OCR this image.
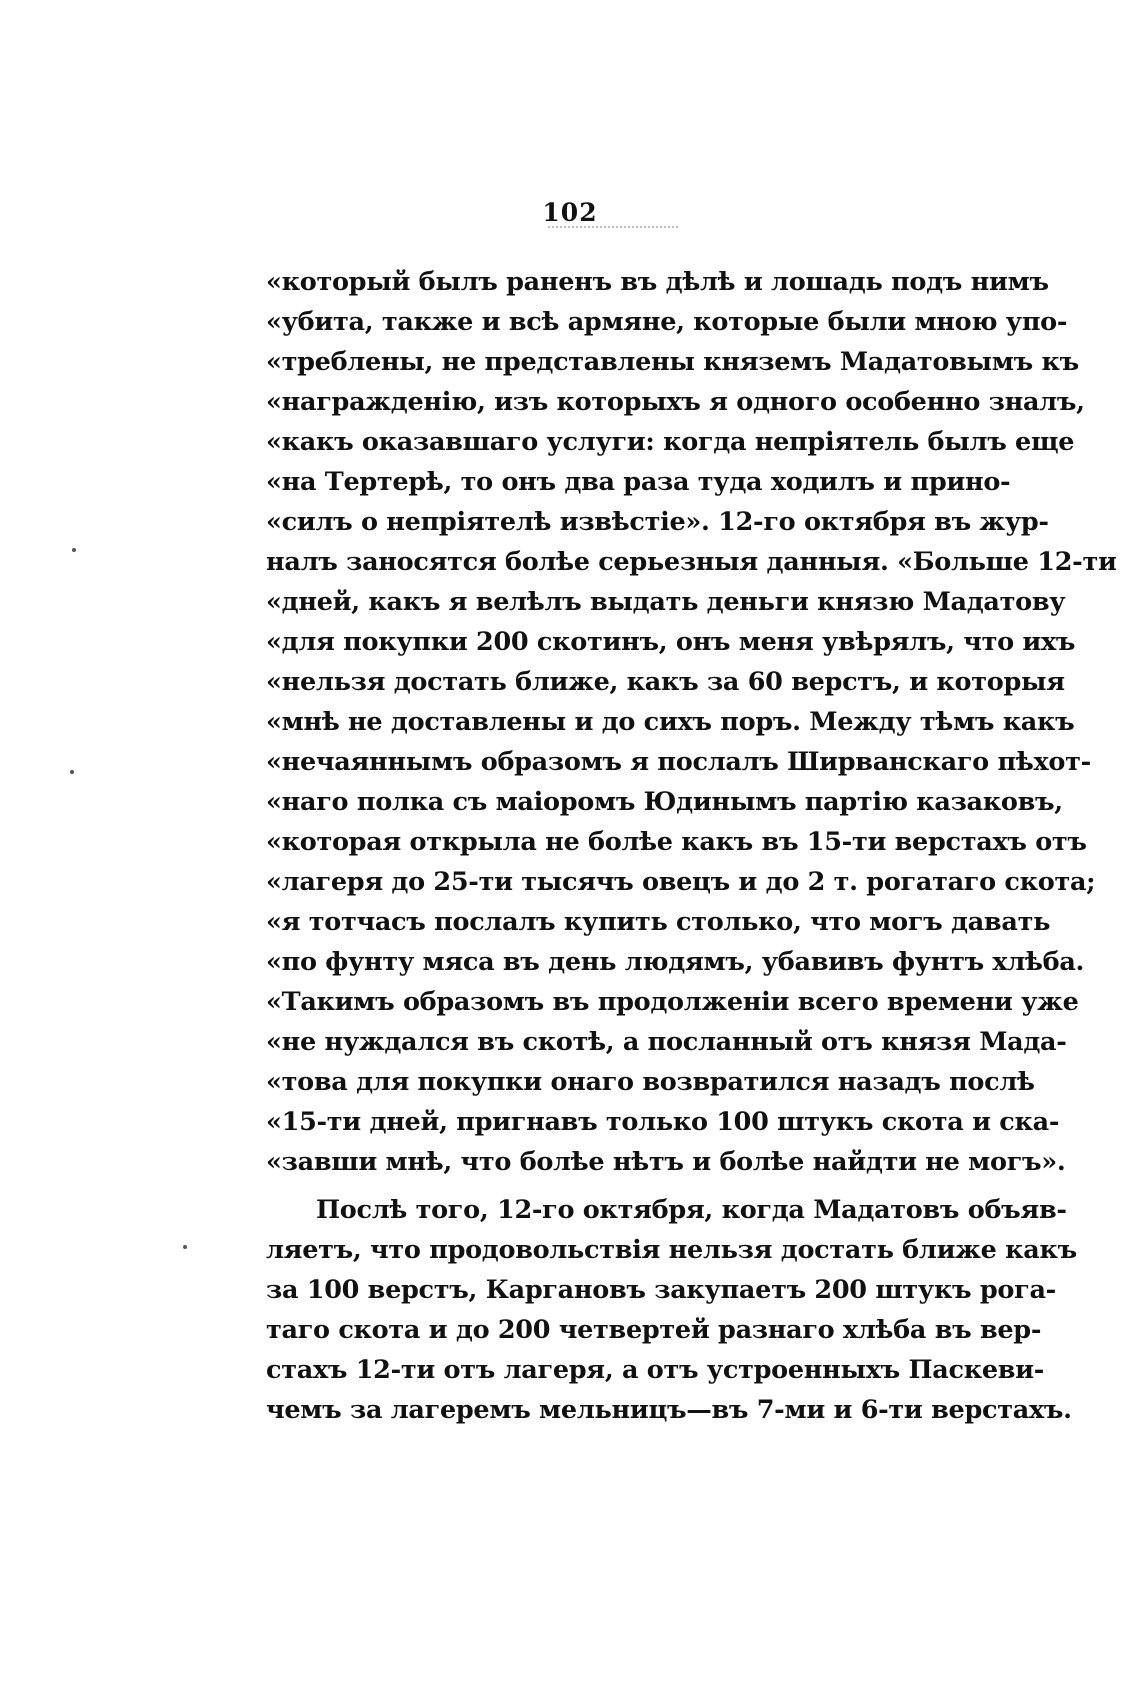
102
«который былъ раненъ въ дѣлѣ и лошадь подъ нимъ
«убита, также и всѣ армяне, которые были мною упо-
«треблены, не представлены княземъ Мадатовымъ къ
«награжденію, изъ которыхъ я одного особенно зналъ,
«какъ оказавшаго услуги: когда непріятель былъ еще
«на Тертерѣ, то онъ два раза туда ходилъ и прино-
«силъ о непріятелѣ извѣстіе». 12-го октября въ жур-
налъ заносятся болѣе серьезныя данныя. «Больше 12-ти
«дней, какъ я велѣлъ выдать деньги князю Мадатову
«для покупки 200 скотинъ, онъ меня увѣрялъ, что ихъ
«нельзя достать ближе, какъ за 60 верстъ, и которыя
«мнѣ не доставлены и до сихъ поръ. Между тѣмъ какъ
«нечаяннымъ образомъ я послалъ Ширванскаго пѣхот-
«наго полка съ маіоромъ Юдинымъ партію казаковъ,
«которая открыла не болѣе какъ въ 15-ти верстахъ отъ
«лагеря до 25-ти тысячъ овецъ и до 2 т. рогатаго скота;
«я тотчасъ послалъ купить столько, что могъ давать
«по фунту мяса въ день людямъ, убавивъ фунтъ хлѣба.
«Такимъ образомъ въ продолженіи всего времени уже
«не нуждался въ скотѣ, а посланный отъ князя Мада-
«това для покупки онаго возвратился назадъ послѣ
«15-ти дней, пригнавъ только 100 штукъ скота и ска-
«завши мнѣ, что болѣе нѣтъ и болѣе найдти не могъ».
Послѣ того, 12-го октября, когда Мадатовъ объяв-
ляетъ, что продовольствія нельзя достать ближе какъ
за 100 верстъ, Каргановъ закупаетъ 200 штукъ рога-
таго скота и до 200 четвертей разнаго хлѣба въ вер-
стахъ 12-ти отъ лагеря, а отъ устроенныхъ Паскеви-
чемъ за лагеремъ мельницъ—въ 7-ми и 6-ти верстахъ.
